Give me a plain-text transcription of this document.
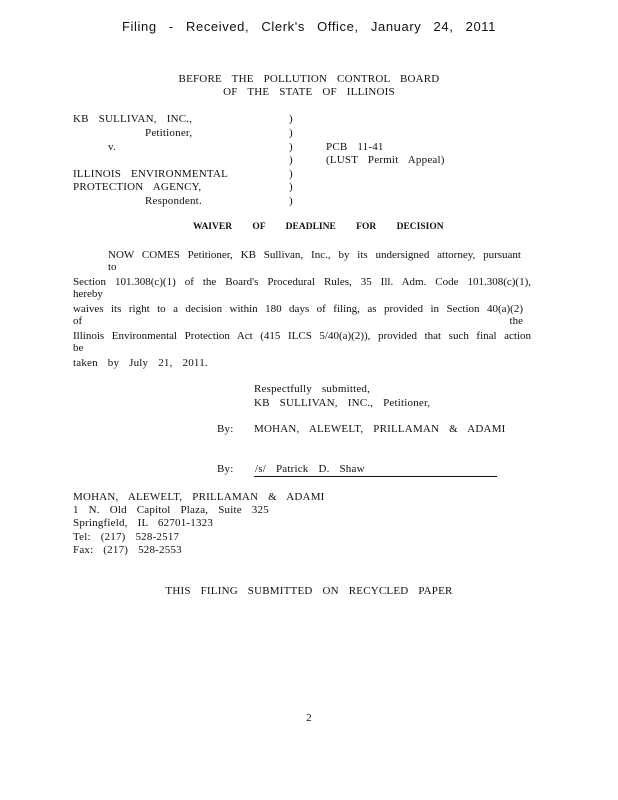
Filing - Received, Clerk's Office, January 24, 2011
BEFORE THE POLLUTION CONTROL BOARD
OF THE STATE OF ILLINOIS
KB SULLIVAN, INC.,
Petitioner,
v.
ILLINOIS ENVIRONMENTAL
PROTECTION AGENCY,
Respondent.
)
)
)
)
)
)
)
PCB 11-41
(LUST Permit Appeal)
WAIVER OF DEADLINE FOR DECISION
NOW COMES Petitioner, KB Sullivan, Inc., by its undersigned attorney, pursuant to
Section 101.308(c)(1) of the Board's Procedural Rules, 35 Ill. Adm. Code 101.308(c)(1), hereby
waives its right to a decision within 180 days of filing, as provided in Section 40(a)(2) of the
Illinois Environmental Protection Act (415 ILCS 5/40(a)(2)), provided that such final action be
taken by July 21, 2011.
Respectfully submitted,
KB SULLIVAN, INC., Petitioner,
By: MOHAN, ALEWELT, PRILLAMAN & ADAMI
By: /s/ Patrick D. Shaw
MOHAN, ALEWELT, PRILLAMAN & ADAMI
1 N. Old Capitol Plaza, Suite 325
Springfield, IL 62701-1323
Tel: (217) 528-2517
Fax: (217) 528-2553
THIS FILING SUBMITTED ON RECYCLED PAPER
2
